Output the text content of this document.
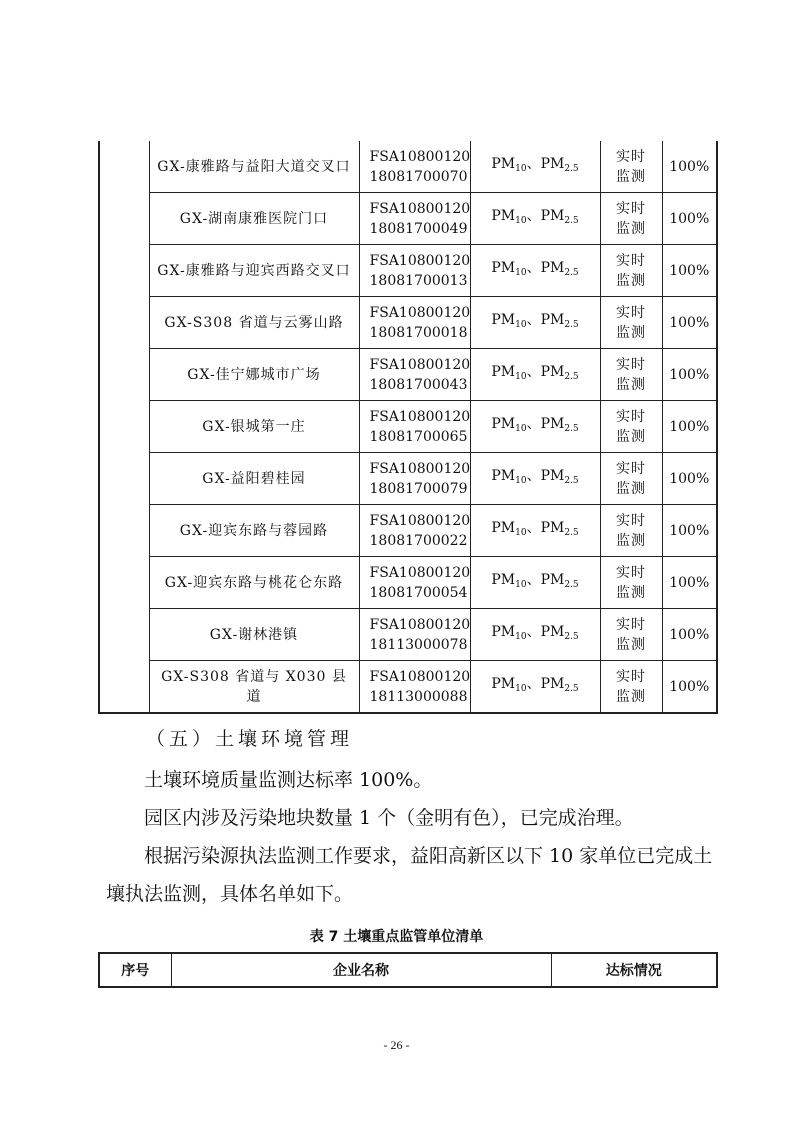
	GX-康雅路与益阳大道交叉口	FSA10800120
18081700070	$PM_{10}$、$PM_{2.5}$	实时监测	100%
	GX-湖南康雅医院门口	FSA10800120
18081700049	$PM_{10}$、$PM_{2.5}$	实时监测	100%
	GX-康雅路与迎宾西路交叉口	FSA10800120
18081700013	$PM_{10}$、$PM_{2.5}$	实时监测	100%
	GX-S308 省道与云雾山路	FSA10800120
18081700018	$PM_{10}$、$PM_{2.5}$	实时监测	100%
	GX-佳宁娜城市广场	FSA10800120
18081700043	$PM_{10}$、$PM_{2.5}$	实时监测	100%
	GX-银城第一庄	FSA10800120
18081700065	$PM_{10}$、$PM_{2.5}$	实时监测	100%
	GX-益阳碧桂园	FSA10800120
18081700079	$PM_{10}$、$PM_{2.5}$	实时监测	100%
	GX-迎宾东路与蓉园路	FSA10800120
18081700022	$PM_{10}$、$PM_{2.5}$	实时监测	100%
	GX-迎宾东路与桃花仑东路	FSA10800120
18081700054	$PM_{10}$、$PM_{2.5}$	实时监测	100%
	GX-谢林港镇	FSA10800120
18113000078	$PM_{10}$、$PM_{2.5}$	实时监测	100%
	GX-S308 省道与 X030 县道	FSA10800120
18113000088	$PM_{10}$、$PM_{2.5}$	实时监测	100%
（五）土壤环境管理

土壤环境质量监测达标率 100%。

园区内涉及污染地块数量 1 个（金明有色），已完成治理。

根据污染源执法监测工作要求，益阳高新区以下 10 家单位已完成土壤执法监测，具体名单如下。

表 7 土壤重点监管单位清单
序号	企业名称	达标情况
- 26 -
